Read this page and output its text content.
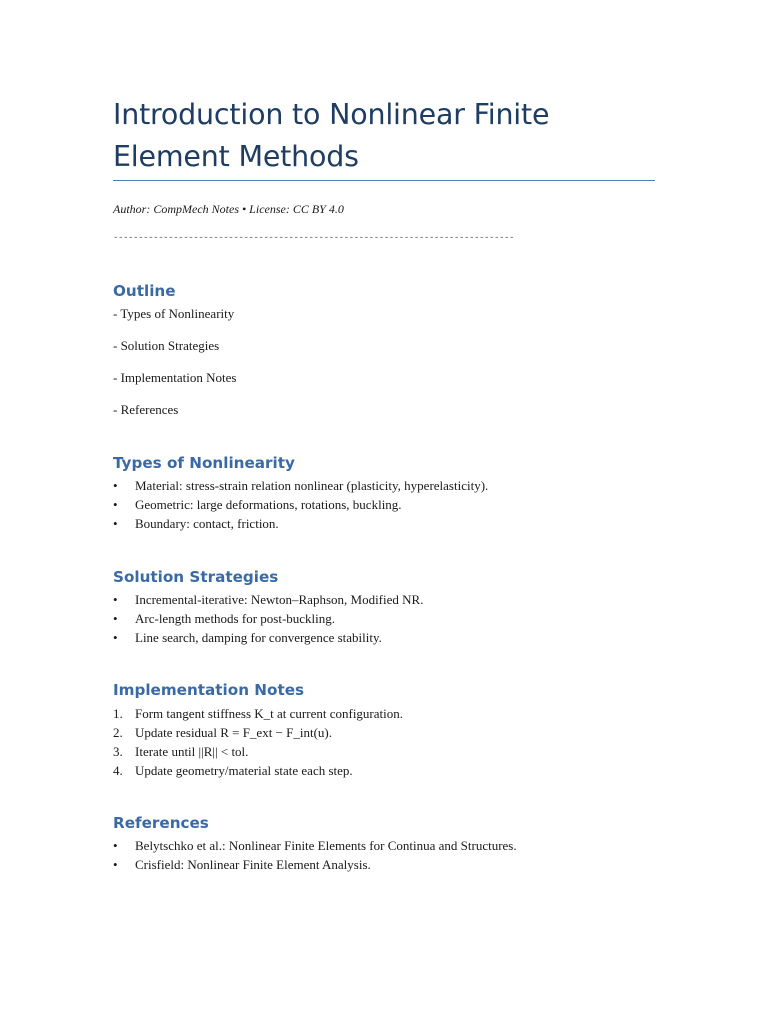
Introduction to Nonlinear Finite Element Methods
Author: CompMech Notes • License: CC BY 4.0
--------------------------------------------------------------------------------
Outline
- Types of Nonlinearity
- Solution Strategies
- Implementation Notes
- References
Types of Nonlinearity
•	Material: stress-strain relation nonlinear (plasticity, hyperelasticity).
•	Geometric: large deformations, rotations, buckling.
•	Boundary: contact, friction.
Solution Strategies
•	Incremental-iterative: Newton–Raphson, Modified NR.
•	Arc-length methods for post-buckling.
•	Line search, damping for convergence stability.
Implementation Notes
1. Form tangent stiffness K_t at current configuration.
2. Update residual R = F_ext − F_int(u).
3. Iterate until ||R|| < tol.
4. Update geometry/material state each step.
References
•	Belytschko et al.: Nonlinear Finite Elements for Continua and Structures.
•	Crisfield: Nonlinear Finite Element Analysis.
